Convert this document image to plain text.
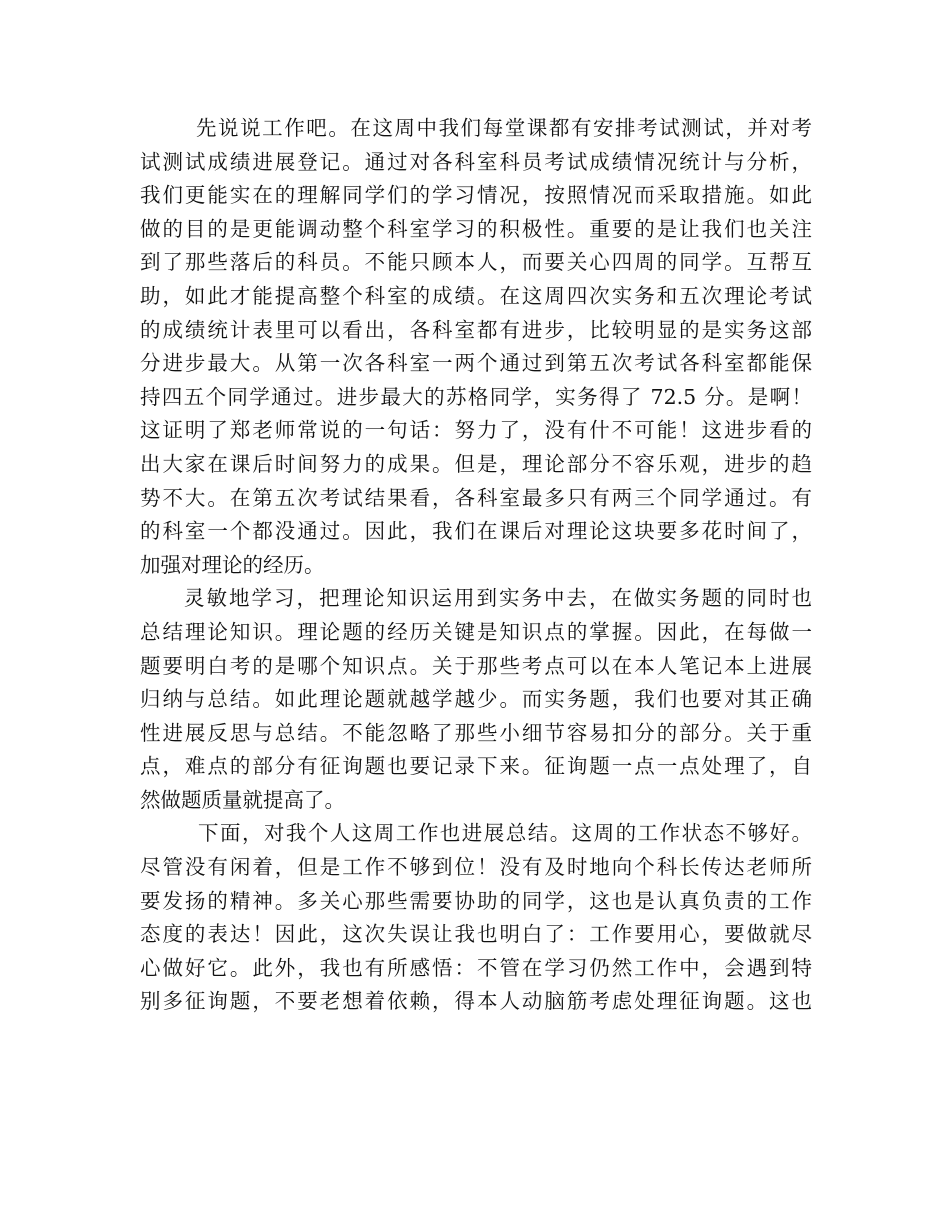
先说说工作吧。在这周中我们每堂课都有安排考试测试，并对考
试测试成绩进展登记。通过对各科室科员考试成绩情况统计与分析，
我们更能实在的理解同学们的学习情况，按照情况而采取措施。如此
做的目的是更能调动整个科室学习的积极性。重要的是让我们也关注
到了那些落后的科员。不能只顾本人，而要关心四周的同学。互帮互
助，如此才能提高整个科室的成绩。在这周四次实务和五次理论考试
的成绩统计表里可以看出，各科室都有进步，比较明显的是实务这部
分进步最大。从第一次各科室一两个通过到第五次考试各科室都能保
持四五个同学通过。进步最大的苏格同学，实务得了 72.5 分。是啊！
这证明了郑老师常说的一句话：努力了，没有什不可能！这进步看的
出大家在课后时间努力的成果。但是，理论部分不容乐观，进步的趋
势不大。在第五次考试结果看，各科室最多只有两三个同学通过。有
的科室一个都没通过。因此，我们在课后对理论这块要多花时间了，
加强对理论的经历。
灵敏地学习，把理论知识运用到实务中去，在做实务题的同时也
总结理论知识。理论题的经历关键是知识点的掌握。因此，在每做一
题要明白考的是哪个知识点。关于那些考点可以在本人笔记本上进展
归纳与总结。如此理论题就越学越少。而实务题，我们也要对其正确
性进展反思与总结。不能忽略了那些小细节容易扣分的部分。关于重
点，难点的部分有征询题也要记录下来。征询题一点一点处理了，自
然做题质量就提高了。
下面，对我个人这周工作也进展总结。这周的工作状态不够好。
尽管没有闲着，但是工作不够到位！没有及时地向个科长传达老师所
要发扬的精神。多关心那些需要协助的同学，这也是认真负责的工作
态度的表达！因此，这次失误让我也明白了：工作要用心，要做就尽
心做好它。此外，我也有所感悟：不管在学习仍然工作中，会遇到特
别多征询题，不要老想着依赖，得本人动脑筋考虑处理征询题。这也
